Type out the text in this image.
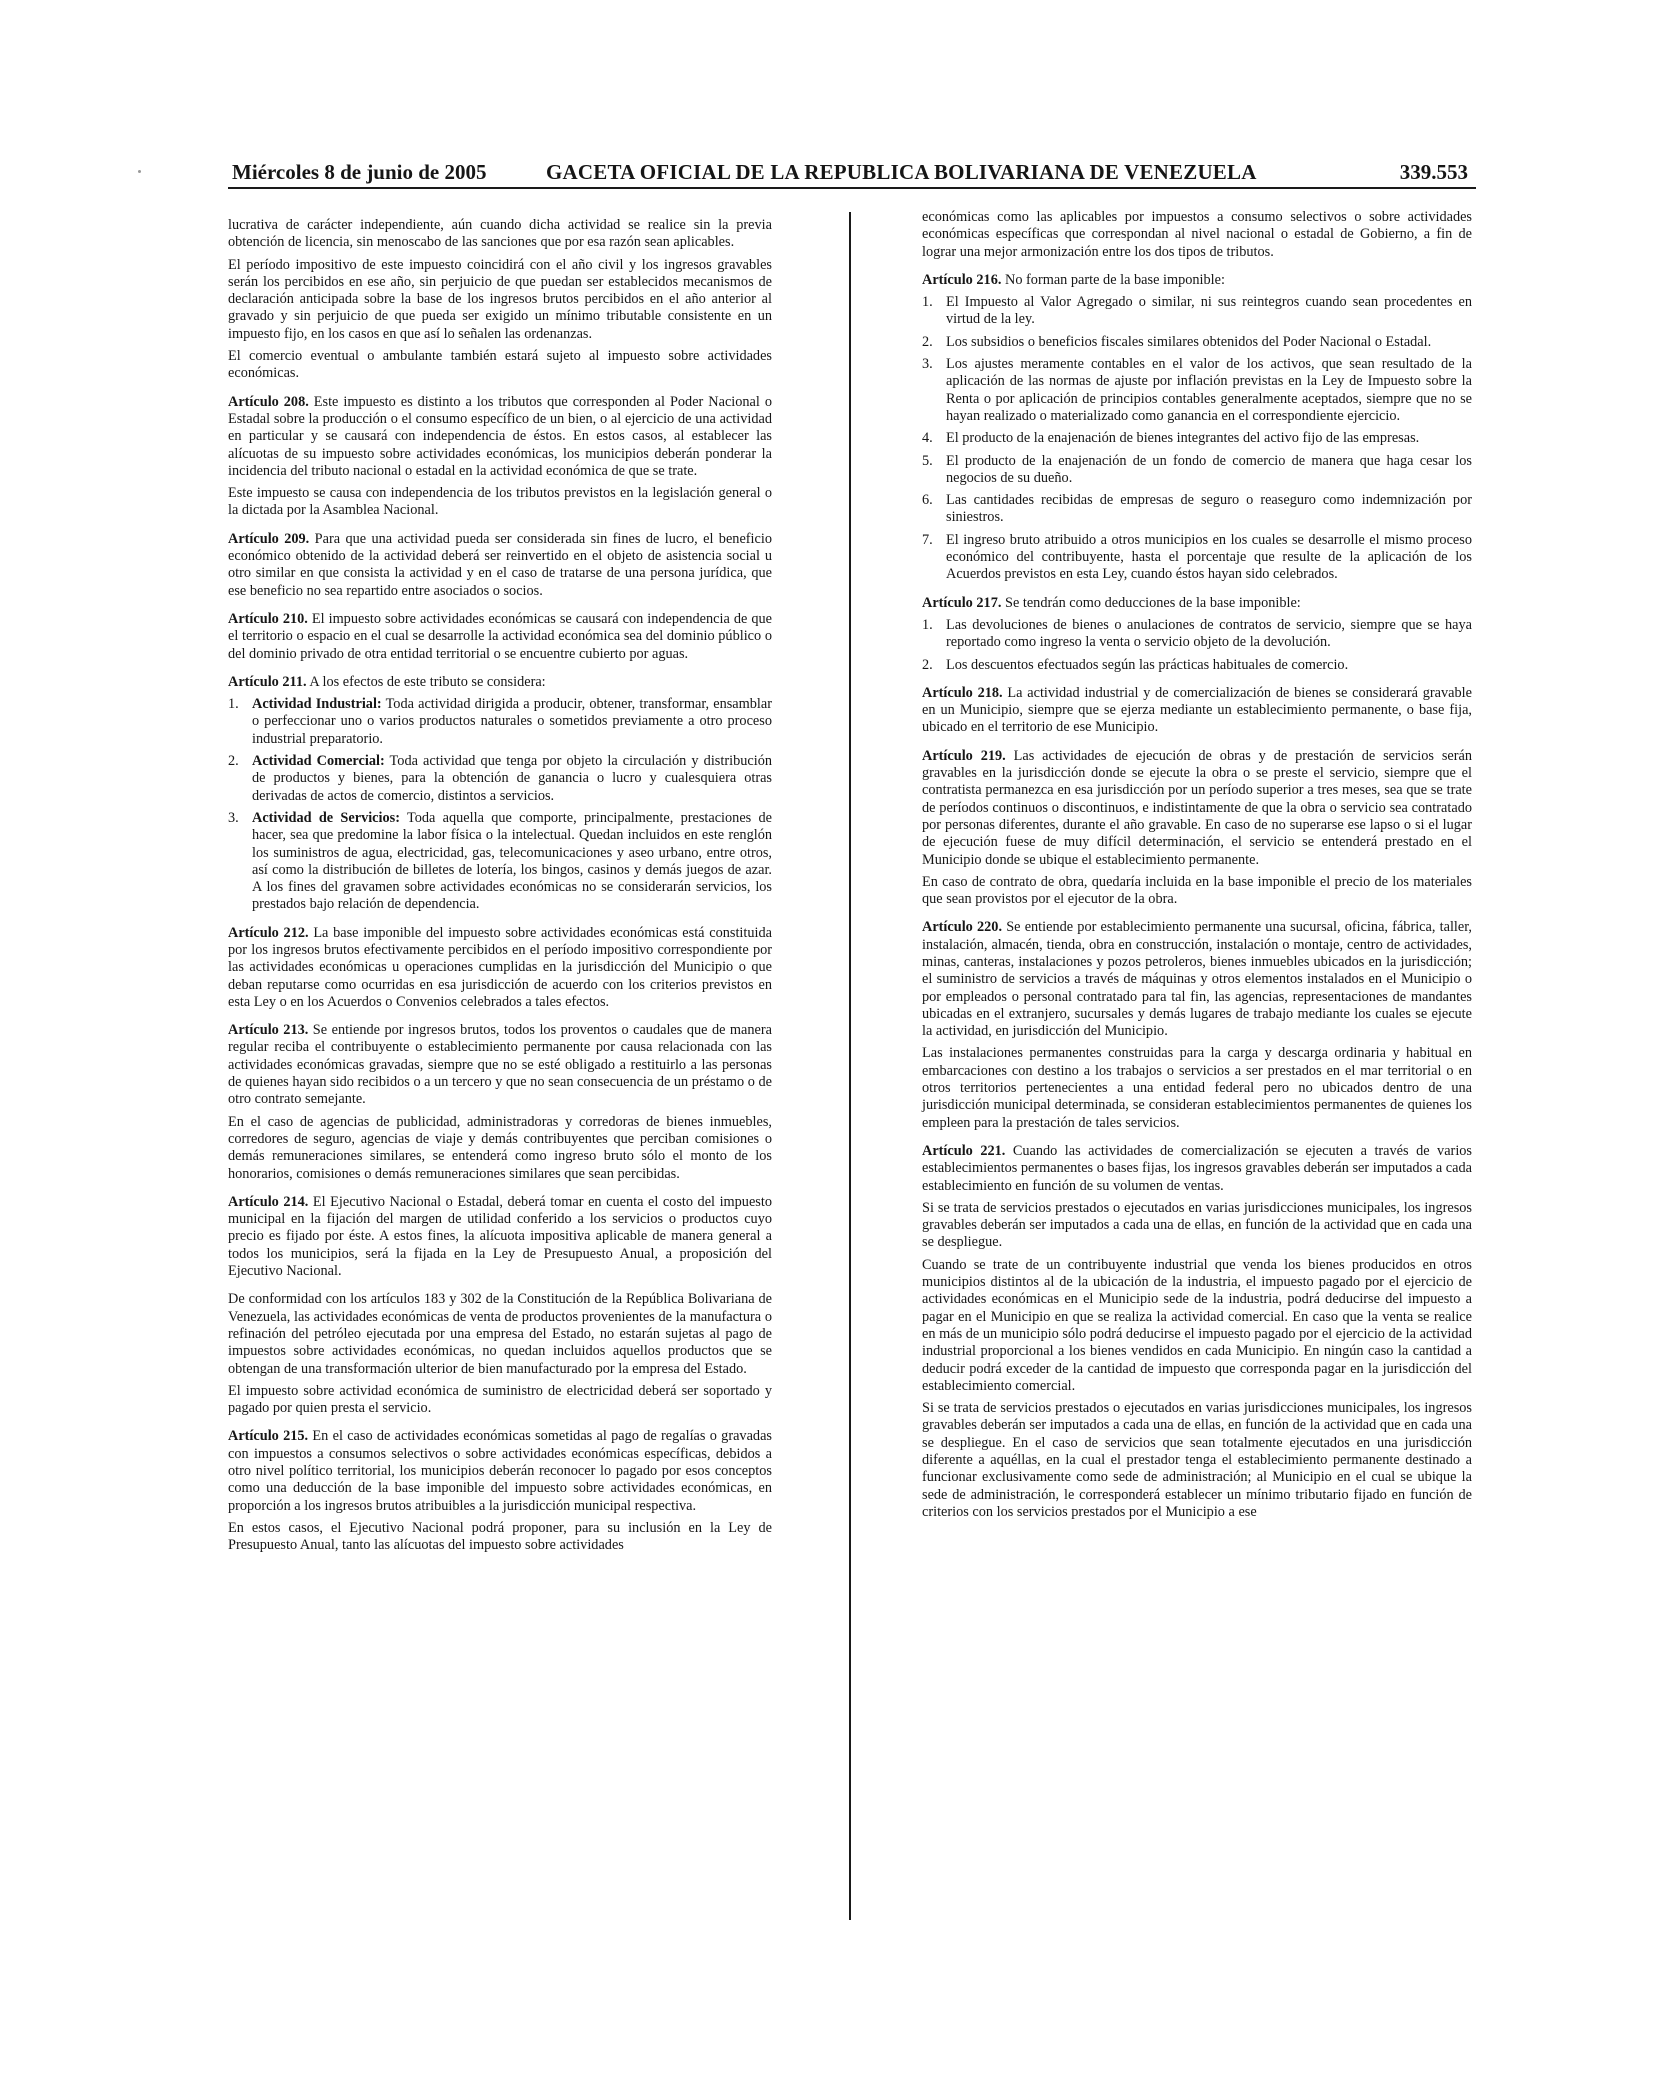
Miércoles 8 de junio de 2005	GACETA OFICIAL DE LA REPUBLICA BOLIVARIANA DE VENEZUELA	339.553

lucrativa de carácter independiente, aún cuando dicha actividad se realice sin la previa obtención de licencia, sin menoscabo de las sanciones que por esa razón sean aplicables.

El período impositivo de este impuesto coincidirá con el año civil y los ingresos gravables serán los percibidos en ese año, sin perjuicio de que puedan ser establecidos mecanismos de declaración anticipada sobre la base de los ingresos brutos percibidos en el año anterior al gravado y sin perjuicio de que pueda ser exigido un mínimo tributable consistente en un impuesto fijo, en los casos en que así lo señalen las ordenanzas.

El comercio eventual o ambulante también estará sujeto al impuesto sobre actividades económicas.

Artículo 208. Este impuesto es distinto a los tributos que corresponden al Poder Nacional o Estadal sobre la producción o el consumo específico de un bien, o al ejercicio de una actividad en particular y se causará con independencia de éstos. En estos casos, al establecer las alícuotas de su impuesto sobre actividades económicas, los municipios deberán ponderar la incidencia del tributo nacional o estadal en la actividad económica de que se trate.

Este impuesto se causa con independencia de los tributos previstos en la legislación general o la dictada por la Asamblea Nacional.

Artículo 209. Para que una actividad pueda ser considerada sin fines de lucro, el beneficio económico obtenido de la actividad deberá ser reinvertido en el objeto de asistencia social u otro similar en que consista la actividad y en el caso de tratarse de una persona jurídica, que ese beneficio no sea repartido entre asociados o socios.

Artículo 210. El impuesto sobre actividades económicas se causará con independencia de que el territorio o espacio en el cual se desarrolle la actividad económica sea del dominio público o del dominio privado de otra entidad territorial o se encuentre cubierto por aguas.

Artículo 211. A los efectos de este tributo se considera:

1. Actividad Industrial: Toda actividad dirigida a producir, obtener, transformar, ensamblar o perfeccionar uno o varios productos naturales o sometidos previamente a otro proceso industrial preparatorio.
2. Actividad Comercial: Toda actividad que tenga por objeto la circulación y distribución de productos y bienes, para la obtención de ganancia o lucro y cualesquiera otras derivadas de actos de comercio, distintos a servicios.
3. Actividad de Servicios: Toda aquella que comporte, principalmente, prestaciones de hacer, sea que predomine la labor física o la intelectual. Quedan incluidos en este renglón los suministros de agua, electricidad, gas, telecomunicaciones y aseo urbano, entre otros, así como la distribución de billetes de lotería, los bingos, casinos y demás juegos de azar. A los fines del gravamen sobre actividades económicas no se considerarán servicios, los prestados bajo relación de dependencia.

Artículo 212. La base imponible del impuesto sobre actividades económicas está constituida por los ingresos brutos efectivamente percibidos en el período impositivo correspondiente por las actividades económicas u operaciones cumplidas en la jurisdicción del Municipio o que deban reputarse como ocurridas en esa jurisdicción de acuerdo con los criterios previstos en esta Ley o en los Acuerdos o Convenios celebrados a tales efectos.

Artículo 213. Se entiende por ingresos brutos, todos los proventos o caudales que de manera regular reciba el contribuyente o establecimiento permanente por causa relacionada con las actividades económicas gravadas, siempre que no se esté obligado a restituirlo a las personas de quienes hayan sido recibidos o a un tercero y que no sean consecuencia de un préstamo o de otro contrato semejante.

En el caso de agencias de publicidad, administradoras y corredoras de bienes inmuebles, corredores de seguro, agencias de viaje y demás contribuyentes que perciban comisiones o demás remuneraciones similares, se entenderá como ingreso bruto sólo el monto de los honorarios, comisiones o demás remuneraciones similares que sean percibidas.

Artículo 214. El Ejecutivo Nacional o Estadal, deberá tomar en cuenta el costo del impuesto municipal en la fijación del margen de utilidad conferido a los servicios o productos cuyo precio es fijado por éste. A estos fines, la alícuota impositiva aplicable de manera general a todos los municipios, será la fijada en la Ley de Presupuesto Anual, a proposición del Ejecutivo Nacional.

De conformidad con los artículos 183 y 302 de la Constitución de la República Bolivariana de Venezuela, las actividades económicas de venta de productos provenientes de la manufactura o refinación del petróleo ejecutada por una empresa del Estado, no estarán sujetas al pago de impuestos sobre actividades económicas, no quedan incluidos aquellos productos que se obtengan de una transformación ulterior de bien manufacturado por la empresa del Estado.

El impuesto sobre actividad económica de suministro de electricidad deberá ser soportado y pagado por quien presta el servicio.

Artículo 215. En el caso de actividades económicas sometidas al pago de regalías o gravadas con impuestos a consumos selectivos o sobre actividades económicas específicas, debidos a otro nivel político territorial, los municipios deberán reconocer lo pagado por esos conceptos como una deducción de la base imponible del impuesto sobre actividades económicas, en proporción a los ingresos brutos atribuibles a la jurisdicción municipal respectiva.

En estos casos, el Ejecutivo Nacional podrá proponer, para su inclusión en la Ley de Presupuesto Anual, tanto las alícuotas del impuesto sobre actividades

económicas como las aplicables por impuestos a consumo selectivos o sobre actividades económicas específicas que correspondan al nivel nacional o estadal de Gobierno, a fin de lograr una mejor armonización entre los dos tipos de tributos.

Artículo 216. No forman parte de la base imponible:

1. El Impuesto al Valor Agregado o similar, ni sus reintegros cuando sean procedentes en virtud de la ley.
2. Los subsidios o beneficios fiscales similares obtenidos del Poder Nacional o Estadal.
3. Los ajustes meramente contables en el valor de los activos, que sean resultado de la aplicación de las normas de ajuste por inflación previstas en la Ley de Impuesto sobre la Renta o por aplicación de principios contables generalmente aceptados, siempre que no se hayan realizado o materializado como ganancia en el correspondiente ejercicio.
4. El producto de la enajenación de bienes integrantes del activo fijo de las empresas.
5. El producto de la enajenación de un fondo de comercio de manera que haga cesar los negocios de su dueño.
6. Las cantidades recibidas de empresas de seguro o reaseguro como indemnización por siniestros.
7. El ingreso bruto atribuido a otros municipios en los cuales se desarrolle el mismo proceso económico del contribuyente, hasta el porcentaje que resulte de la aplicación de los Acuerdos previstos en esta Ley, cuando éstos hayan sido celebrados.

Artículo 217. Se tendrán como deducciones de la base imponible:

1. Las devoluciones de bienes o anulaciones de contratos de servicio, siempre que se haya reportado como ingreso la venta o servicio objeto de la devolución.
2. Los descuentos efectuados según las prácticas habituales de comercio.

Artículo 218. La actividad industrial y de comercialización de bienes se considerará gravable en un Municipio, siempre que se ejerza mediante un establecimiento permanente, o base fija, ubicado en el territorio de ese Municipio.

Artículo 219. Las actividades de ejecución de obras y de prestación de servicios serán gravables en la jurisdicción donde se ejecute la obra o se preste el servicio, siempre que el contratista permanezca en esa jurisdicción por un período superior a tres meses, sea que se trate de períodos continuos o discontinuos, e indistintamente de que la obra o servicio sea contratado por personas diferentes, durante el año gravable. En caso de no superarse ese lapso o si el lugar de ejecución fuese de muy difícil determinación, el servicio se entenderá prestado en el Municipio donde se ubique el establecimiento permanente.

En caso de contrato de obra, quedaría incluida en la base imponible el precio de los materiales que sean provistos por el ejecutor de la obra.

Artículo 220. Se entiende por establecimiento permanente una sucursal, oficina, fábrica, taller, instalación, almacén, tienda, obra en construcción, instalación o montaje, centro de actividades, minas, canteras, instalaciones y pozos petroleros, bienes inmuebles ubicados en la jurisdicción; el suministro de servicios a través de máquinas y otros elementos instalados en el Municipio o por empleados o personal contratado para tal fin, las agencias, representaciones de mandantes ubicadas en el extranjero, sucursales y demás lugares de trabajo mediante los cuales se ejecute la actividad, en jurisdicción del Municipio.

Las instalaciones permanentes construidas para la carga y descarga ordinaria y habitual en embarcaciones con destino a los trabajos o servicios a ser prestados en el mar territorial o en otros territorios pertenecientes a una entidad federal pero no ubicados dentro de una jurisdicción municipal determinada, se consideran establecimientos permanentes de quienes los empleen para la prestación de tales servicios.

Artículo 221. Cuando las actividades de comercialización se ejecuten a través de varios establecimientos permanentes o bases fijas, los ingresos gravables deberán ser imputados a cada establecimiento en función de su volumen de ventas.

Si se trata de servicios prestados o ejecutados en varias jurisdicciones municipales, los ingresos gravables deberán ser imputados a cada una de ellas, en función de la actividad que en cada una se despliegue.

Cuando se trate de un contribuyente industrial que venda los bienes producidos en otros municipios distintos al de la ubicación de la industria, el impuesto pagado por el ejercicio de actividades económicas en el Municipio sede de la industria, podrá deducirse del impuesto a pagar en el Municipio en que se realiza la actividad comercial. En caso que la venta se realice en más de un municipio sólo podrá deducirse el impuesto pagado por el ejercicio de la actividad industrial proporcional a los bienes vendidos en cada Municipio. En ningún caso la cantidad a deducir podrá exceder de la cantidad de impuesto que corresponda pagar en la jurisdicción del establecimiento comercial.

Si se trata de servicios prestados o ejecutados en varias jurisdicciones municipales, los ingresos gravables deberán ser imputados a cada una de ellas, en función de la actividad que en cada una se despliegue. En el caso de servicios que sean totalmente ejecutados en una jurisdicción diferente a aquéllas, en la cual el prestador tenga el establecimiento permanente destinado a funcionar exclusivamente como sede de administración; al Municipio en el cual se ubique la sede de administración, le corresponderá establecer un mínimo tributario fijado en función de criterios con los servicios prestados por el Municipio a ese
